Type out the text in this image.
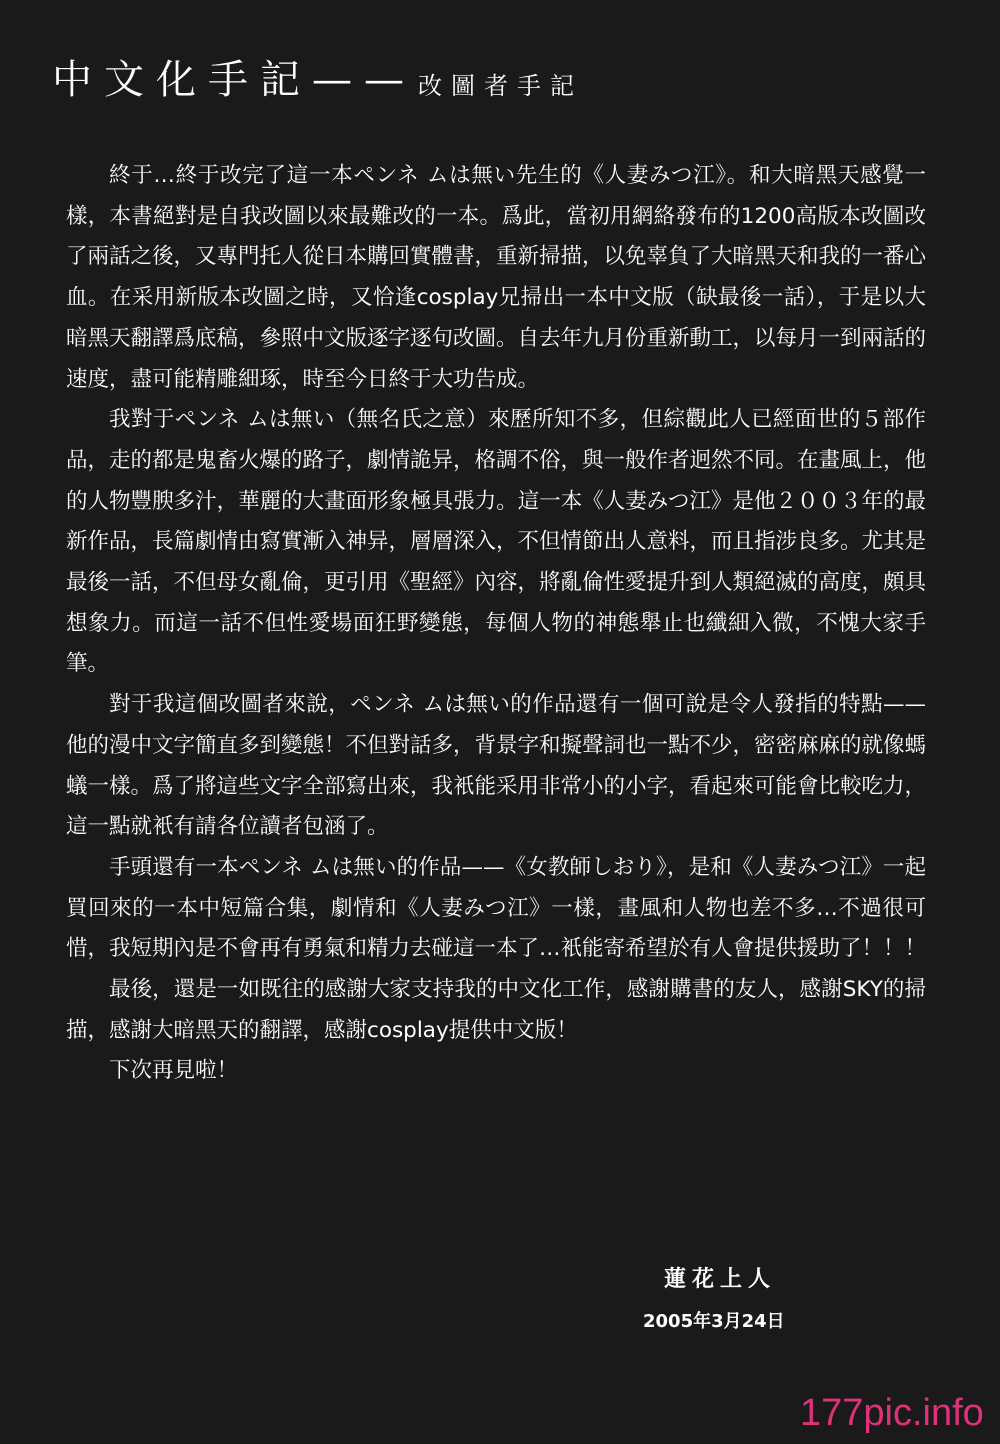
中文化手記—— 改圖者手記

終于…終于改完了這一本ペンネ ムは無い先生的《人妻みつ江》。和大暗黑天感覺一樣，本書絕對是自我改圖以來最難改的一本。爲此，當初用網絡發布的1200高版本改圖改了兩話之後，又專門托人從日本購回實體書，重新掃描，以免辜負了大暗黑天和我的一番心血。在采用新版本改圖之時，又恰逢cosplay兄掃出一本中文版（缺最後一話），于是以大暗黑天翻譯爲底稿，參照中文版逐字逐句改圖。自去年九月份重新動工，以每月一到兩話的速度，盡可能精雕細琢，時至今日終于大功告成。

我對于ペンネ ムは無い（無名氏之意）來歷所知不多，但綜觀此人已經面世的５部作品，走的都是鬼畜火爆的路子，劇情詭异，格調不俗，與一般作者迥然不同。在畫風上，他的人物豐腴多汁，華麗的大畫面形象極具張力。這一本《人妻みつ江》是他２００３年的最新作品，長篇劇情由寫實漸入神异，層層深入，不但情節出人意料，而且指涉良多。尤其是最後一話，不但母女亂倫，更引用《聖經》內容，將亂倫性愛提升到人類絕滅的高度，頗具想象力。而這一話不但性愛場面狂野變態，每個人物的神態舉止也纖細入微，不愧大家手筆。

對于我這個改圖者來說，ペンネ ムは無い的作品還有一個可說是令人發指的特點——他的漫中文字簡直多到變態！不但對話多，背景字和擬聲詞也一點不少，密密麻麻的就像螞蟻一樣。爲了將這些文字全部寫出來，我衹能采用非常小的小字，看起來可能會比較吃力，這一點就衹有請各位讀者包涵了。

手頭還有一本ペンネ ムは無い的作品——《女教師しおり》，是和《人妻みつ江》一起買回來的一本中短篇合集，劇情和《人妻みつ江》一樣，畫風和人物也差不多…不過很可惜，我短期內是不會再有勇氣和精力去碰這一本了…衹能寄希望於有人會提供援助了！！！

最後，還是一如既往的感謝大家支持我的中文化工作，感謝購書的友人，感謝SKY的掃描，感謝大暗黑天的翻譯，感謝cosplay提供中文版！

下次再見啦！

蓮花上人
2005年3月24日
177pic.info
